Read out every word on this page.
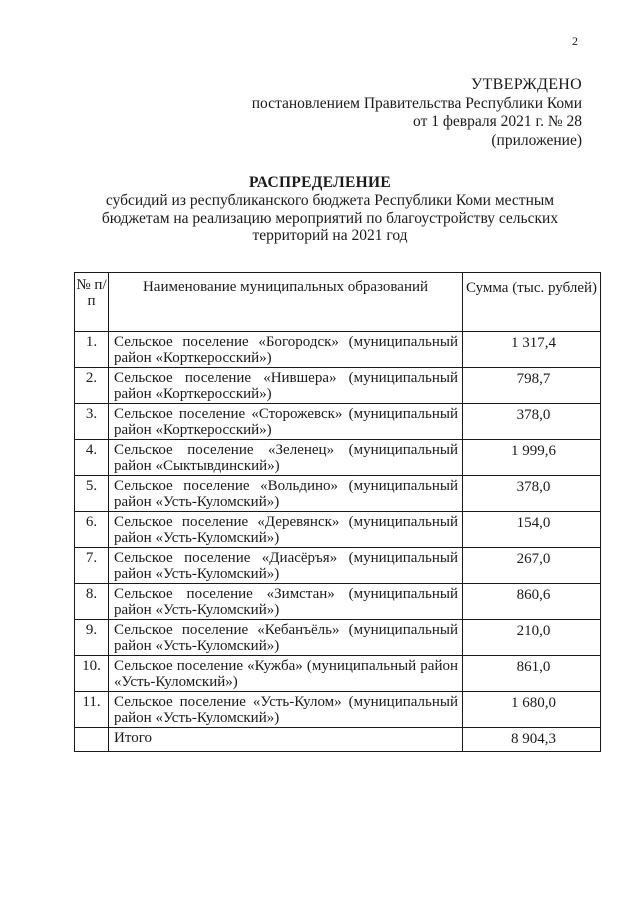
2
УТВЕРЖДЕНО
постановлением Правительства Республики Коми
от 1 февраля 2021 г. № 28
(приложение)
РАСПРЕДЕЛЕНИЕ
субсидий из республиканского бюджета Республики Коми местным бюджетам на реализацию мероприятий по благоустройству сельских территорий на 2021 год
№ п/п	Наименование муниципальных образований	Сумма (тыс. рублей)
1.	Сельское поселение «Богородск» (муниципальный район «Корткеросский»)	1 317,4
2.	Сельское поселение «Нившера» (муниципальный район «Корткеросский»)	798,7
3.	Сельское поселение «Сторожевск» (муниципальный район «Корткеросский»)	378,0
4.	Сельское поселение «Зеленец» (муниципальный район «Сыктывдинский»)	1 999,6
5.	Сельское поселение «Вольдино» (муниципальный район «Усть-Куломский»)	378,0
6.	Сельское поселение «Деревянск» (муниципальный район «Усть-Куломский»)	154,0
7.	Сельское поселение «Диасёръя» (муниципальный район «Усть-Куломский»)	267,0
8.	Сельское поселение «Зимстан» (муниципальный район «Усть-Куломский»)	860,6
9.	Сельское поселение «Кебанъёль» (муниципальный район «Усть-Куломский»)	210,0
10.	Сельское поселение «Кужба» (муниципальный район «Усть-Куломский»)	861,0
11.	Сельское поселение «Усть-Кулом» (муниципальный район «Усть-Куломский»)	1 680,0
	Итого	8 904,3
